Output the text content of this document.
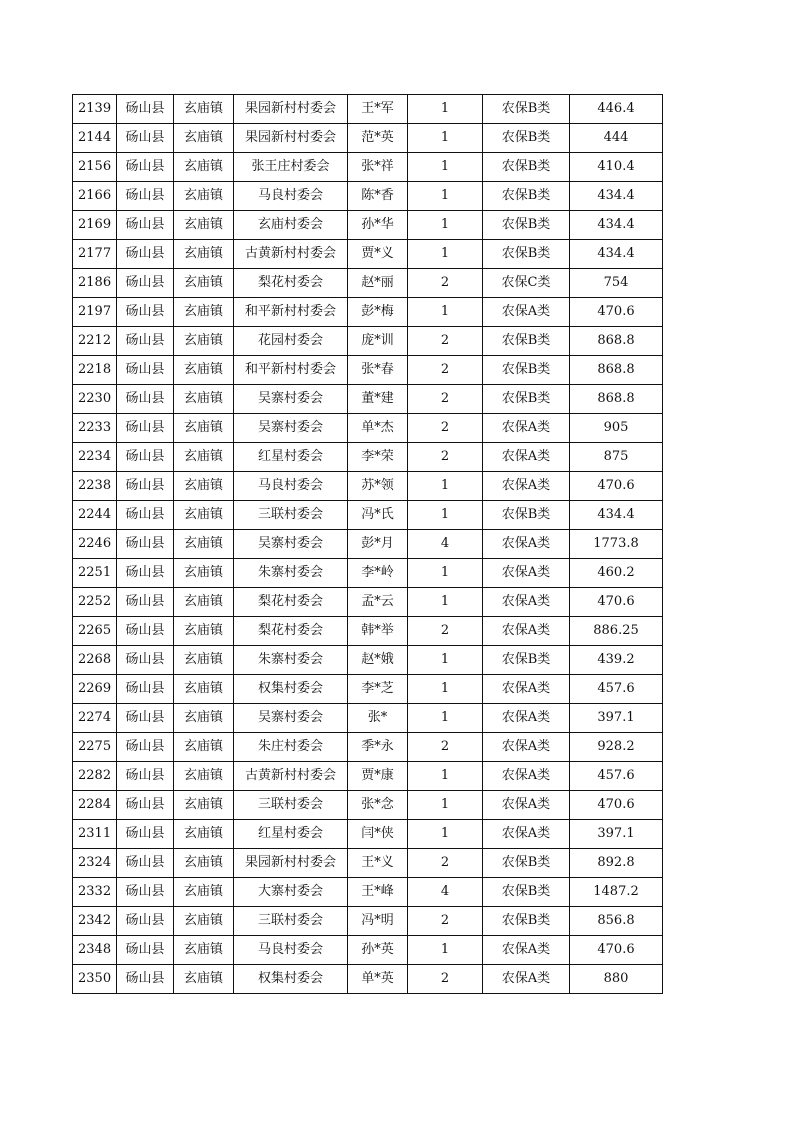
2139	砀山县	玄庙镇	果园新村村委会	王*军	1	农保B类	446.4
2144	砀山县	玄庙镇	果园新村村委会	范*英	1	农保B类	444
2156	砀山县	玄庙镇	张王庄村委会	张*祥	1	农保B类	410.4
2166	砀山县	玄庙镇	马良村委会	陈*香	1	农保B类	434.4
2169	砀山县	玄庙镇	玄庙村委会	孙*华	1	农保B类	434.4
2177	砀山县	玄庙镇	古黄新村村委会	贾*义	1	农保B类	434.4
2186	砀山县	玄庙镇	梨花村委会	赵*丽	2	农保C类	754
2197	砀山县	玄庙镇	和平新村村委会	彭*梅	1	农保A类	470.6
2212	砀山县	玄庙镇	花园村委会	庞*训	2	农保B类	868.8
2218	砀山县	玄庙镇	和平新村村委会	张*春	2	农保B类	868.8
2230	砀山县	玄庙镇	吴寨村委会	董*建	2	农保B类	868.8
2233	砀山县	玄庙镇	吴寨村委会	单*杰	2	农保A类	905
2234	砀山县	玄庙镇	红星村委会	李*荣	2	农保A类	875
2238	砀山县	玄庙镇	马良村委会	苏*领	1	农保A类	470.6
2244	砀山县	玄庙镇	三联村委会	冯*氏	1	农保B类	434.4
2246	砀山县	玄庙镇	吴寨村委会	彭*月	4	农保A类	1773.8
2251	砀山县	玄庙镇	朱寨村委会	李*岭	1	农保A类	460.2
2252	砀山县	玄庙镇	梨花村委会	孟*云	1	农保A类	470.6
2265	砀山县	玄庙镇	梨花村委会	韩*举	2	农保A类	886.25
2268	砀山县	玄庙镇	朱寨村委会	赵*娥	1	农保B类	439.2
2269	砀山县	玄庙镇	权集村委会	李*芝	1	农保A类	457.6
2274	砀山县	玄庙镇	吴寨村委会	张*	1	农保A类	397.1
2275	砀山县	玄庙镇	朱庄村委会	季*永	2	农保A类	928.2
2282	砀山县	玄庙镇	古黄新村村委会	贾*康	1	农保A类	457.6
2284	砀山县	玄庙镇	三联村委会	张*念	1	农保A类	470.6
2311	砀山县	玄庙镇	红星村委会	闫*侠	1	农保A类	397.1
2324	砀山县	玄庙镇	果园新村村委会	王*义	2	农保B类	892.8
2332	砀山县	玄庙镇	大寨村委会	王*峰	4	农保B类	1487.2
2342	砀山县	玄庙镇	三联村委会	冯*明	2	农保B类	856.8
2348	砀山县	玄庙镇	马良村委会	孙*英	1	农保A类	470.6
2350	砀山县	玄庙镇	权集村委会	单*英	2	农保A类	880
